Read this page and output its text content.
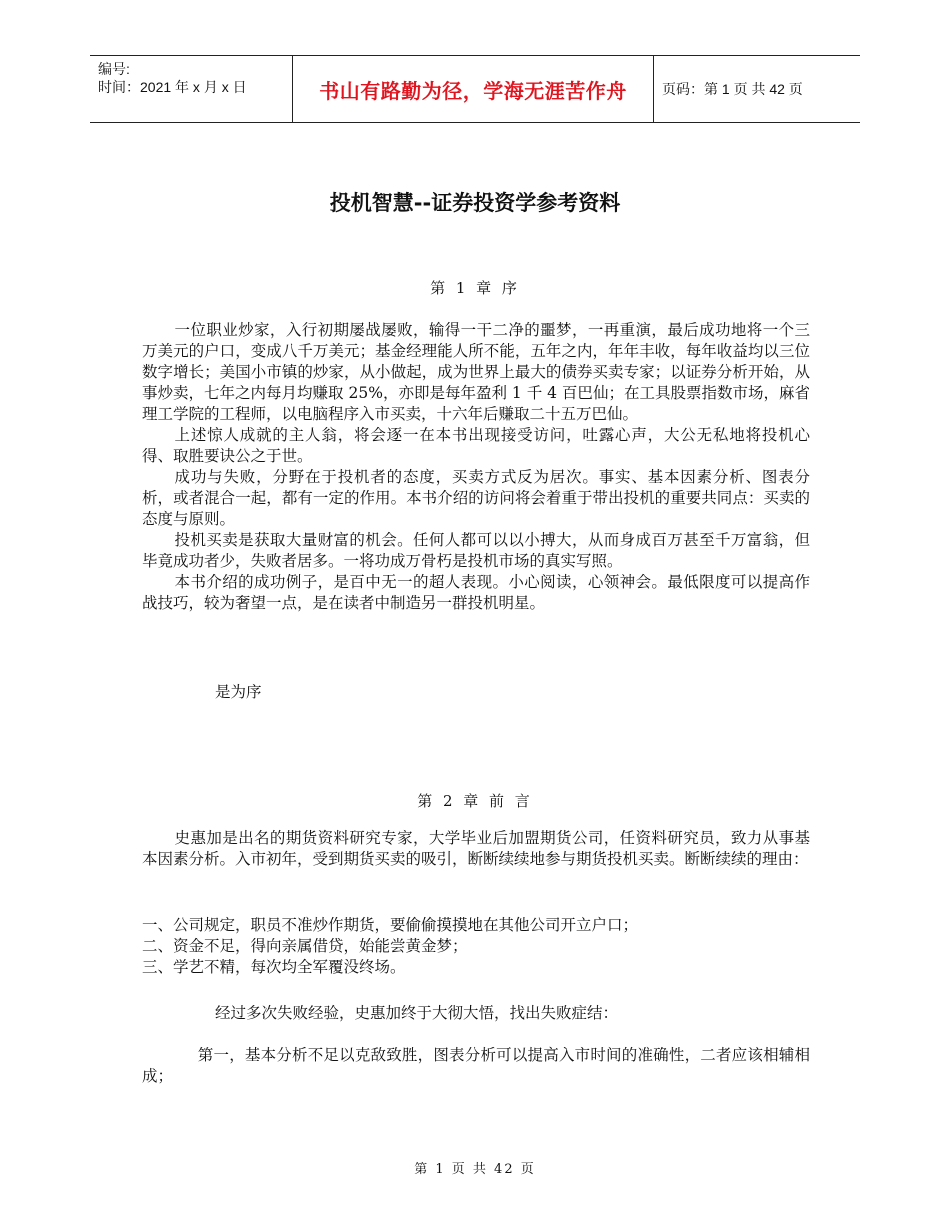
编号:
时间：2021 年 x 月 x 日	书山有路勤为径，学海无涯苦作舟	页码：第 1 页 共 42 页
投机智慧--证券投资学参考资料
第 1 章 序

一位职业炒家，入行初期屡战屡败，输得一干二净的噩梦，一再重演，最后成功地将一个三万美元的户口，变成八千万美元；基金经理能人所不能，五年之内，年年丰收，每年收益均以三位数字增长；美国小市镇的炒家，从小做起，成为世界上最大的债券买卖专家；以证券分析开始，从事炒卖，七年之内每月均赚取 25%，亦即是每年盈利 1 千 4 百巴仙；在工具股票指数市场，麻省理工学院的工程师，以电脑程序入市买卖，十六年后赚取二十五万巴仙。

上述惊人成就的主人翁，将会逐一在本书出现接受访问，吐露心声，大公无私地将投机心得、取胜要诀公之于世。

成功与失败，分野在于投机者的态度，买卖方式反为居次。事实、基本因素分析、图表分析，或者混合一起，都有一定的作用。本书介绍的访问将会着重于带出投机的重要共同点：买卖的态度与原则。

投机买卖是获取大量财富的机会。任何人都可以以小搏大，从而身成百万甚至千万富翁，但毕竟成功者少，失败者居多。一将功成万骨朽是投机市场的真实写照。

本书介绍的成功例子，是百中无一的超人表现。小心阅读，心领神会。最低限度可以提高作战技巧，较为奢望一点，是在读者中制造另一群投机明星。

是为序
第 2 章 前 言

史惠加是出名的期货资料研究专家，大学毕业后加盟期货公司，任资料研究员，致力从事基本因素分析。入市初年，受到期货买卖的吸引，断断续续地参与期货投机买卖。断断续续的理由：

一、公司规定，职员不准炒作期货，要偷偷摸摸地在其他公司开立户口；
二、资金不足，得向亲属借贷，始能尝黄金梦；
三、学艺不精，每次均全军覆没终场。
经过多次失败经验，史惠加终于大彻大悟，找出失败症结：

第一，基本分析不足以克敌致胜，图表分析可以提高入市时间的准确性，二者应该相辅相成；

第 1 页 共 42 页
